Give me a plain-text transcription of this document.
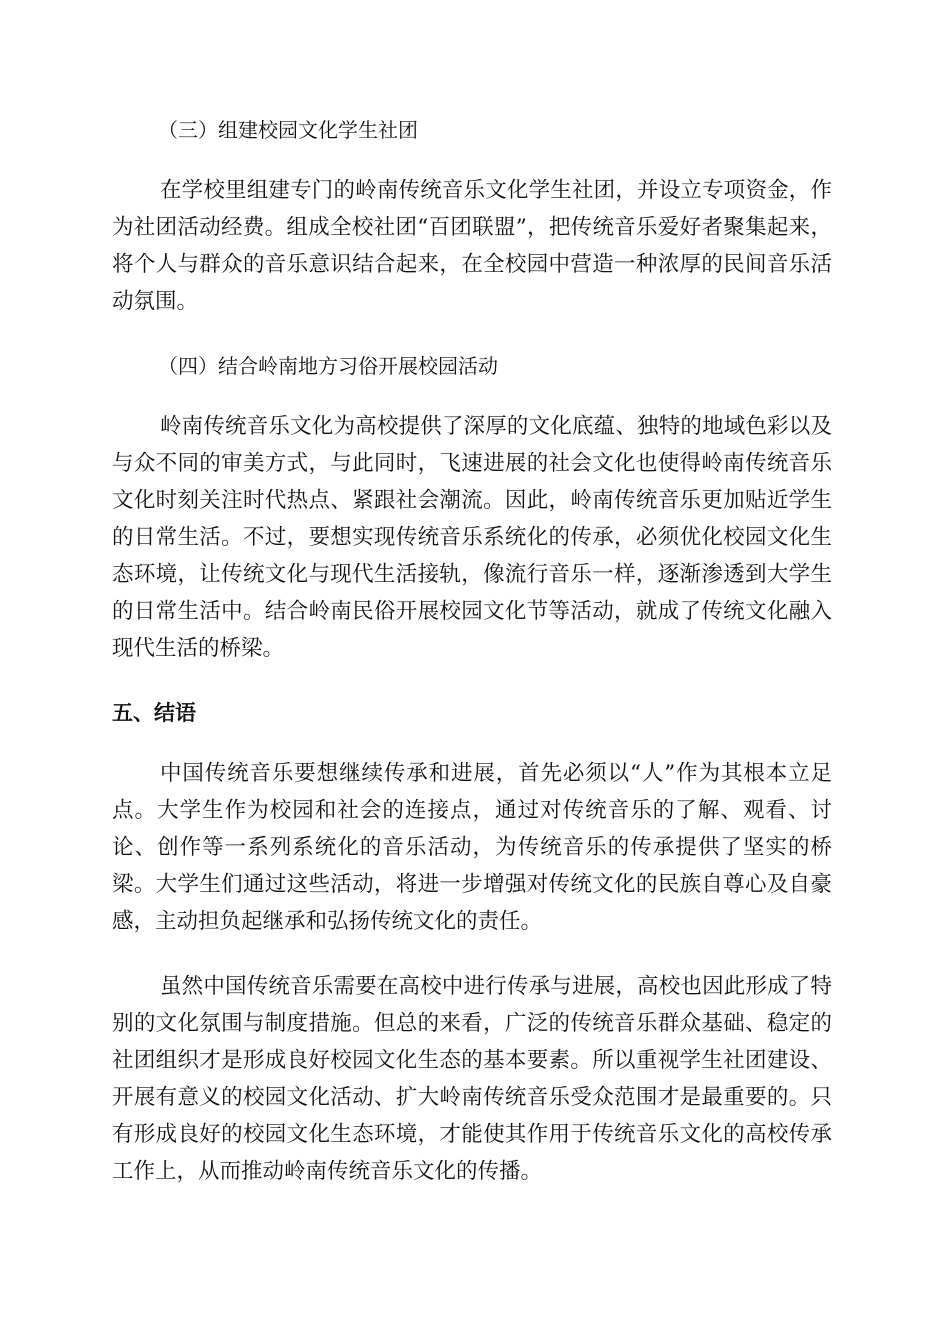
（三）组建校园文化学生社团

在学校里组建专门的岭南传统音乐文化学生社团，并设立专项资金，作为社团活动经费。组成全校社团“百团联盟”，把传统音乐爱好者聚集起来，将个人与群众的音乐意识结合起来，在全校园中营造一种浓厚的民间音乐活动氛围。

（四）结合岭南地方习俗开展校园活动

岭南传统音乐文化为高校提供了深厚的文化底蕴、独特的地域色彩以及与众不同的审美方式，与此同时，飞速进展的社会文化也使得岭南传统音乐文化时刻关注时代热点、紧跟社会潮流。因此，岭南传统音乐更加贴近学生的日常生活。不过，要想实现传统音乐系统化的传承，必须优化校园文化生态环境，让传统文化与现代生活接轨，像流行音乐一样，逐渐渗透到大学生的日常生活中。结合岭南民俗开展校园文化节等活动，就成了传统文化融入现代生活的桥梁。

五、结语

中国传统音乐要想继续传承和进展，首先必须以“人”作为其根本立足点。大学生作为校园和社会的连接点，通过对传统音乐的了解、观看、讨论、创作等一系列系统化的音乐活动，为传统音乐的传承提供了坚实的桥梁。大学生们通过这些活动，将进一步增强对传统文化的民族自尊心及自豪感，主动担负起继承和弘扬传统文化的责任。

虽然中国传统音乐需要在高校中进行传承与进展，高校也因此形成了特别的文化氛围与制度措施。但总的来看，广泛的传统音乐群众基础、稳定的社团组织才是形成良好校园文化生态的基本要素。所以重视学生社团建设、开展有意义的校园文化活动、扩大岭南传统音乐受众范围才是最重要的。只有形成良好的校园文化生态环境，才能使其作用于传统音乐文化的高校传承工作上，从而推动岭南传统音乐文化的传播。
